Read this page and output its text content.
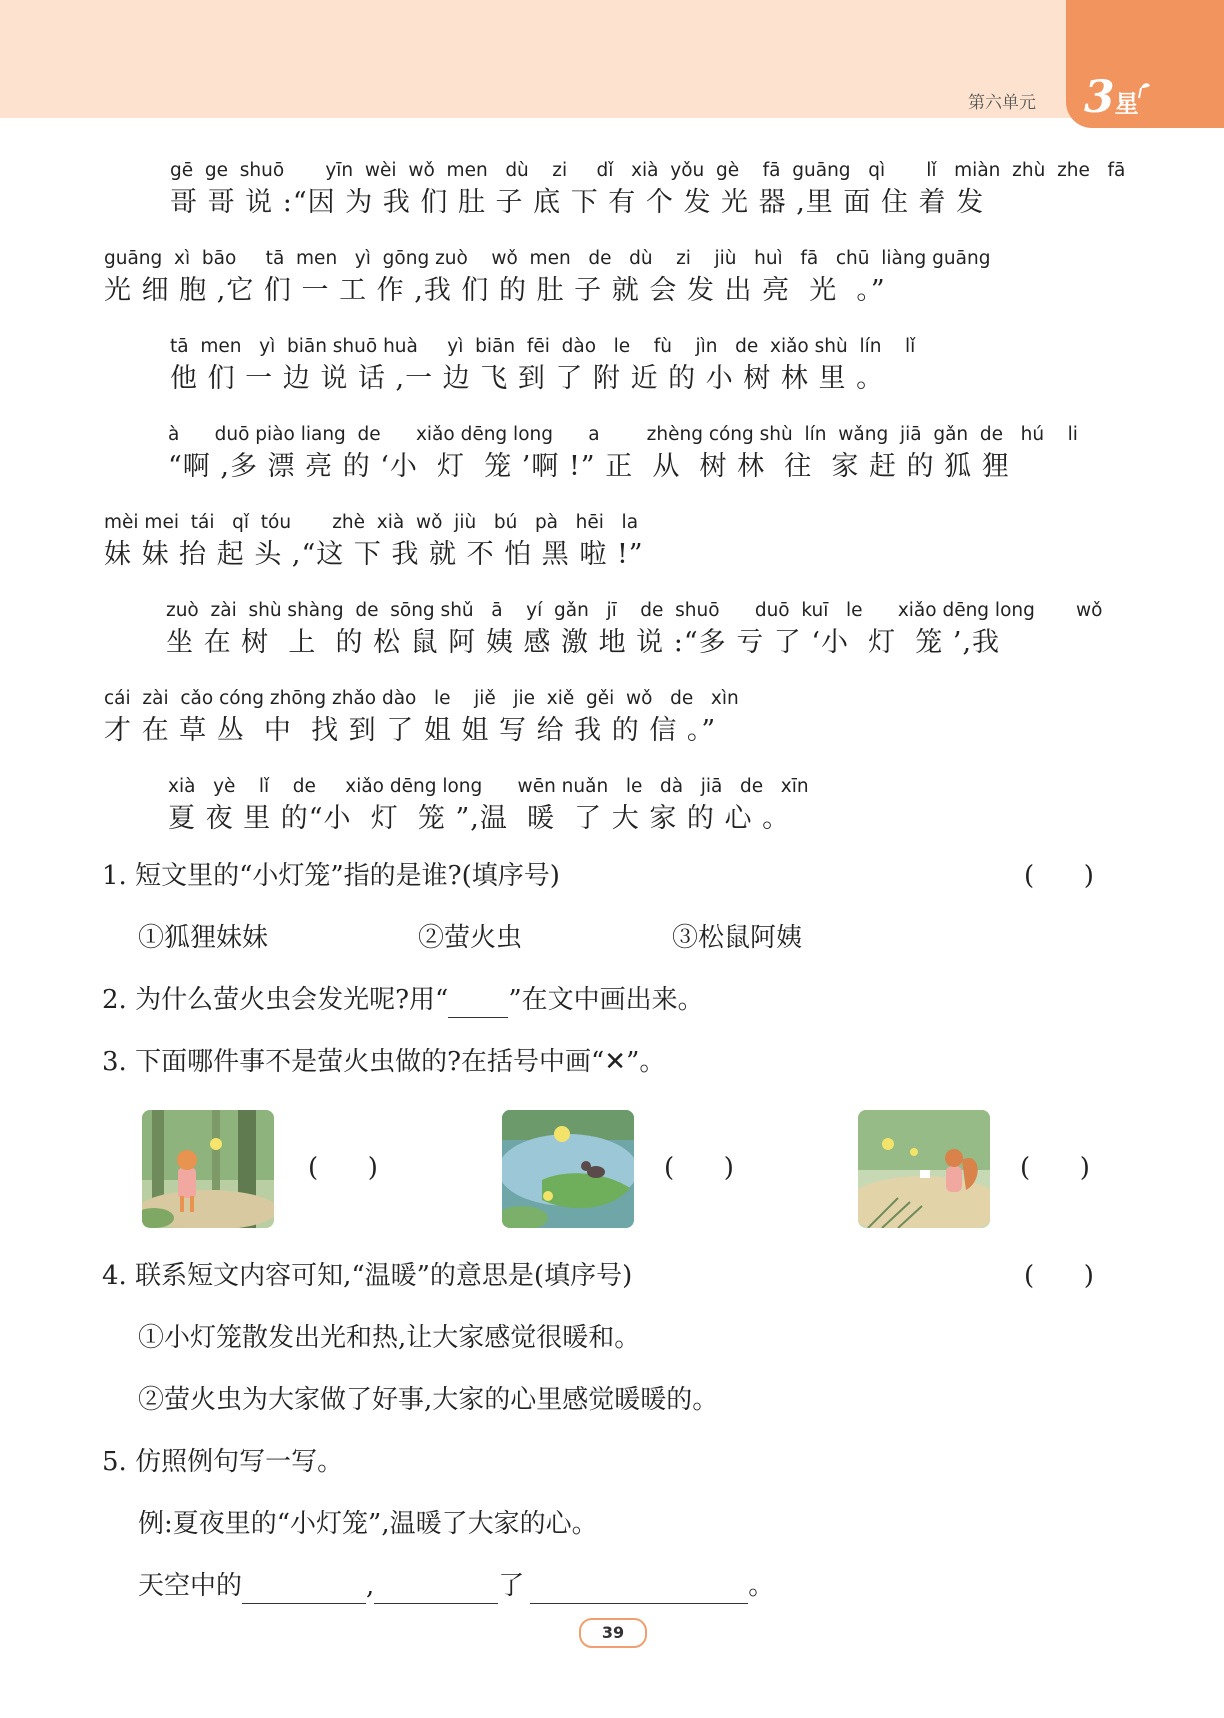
第六单元 3星
gē  ge  shuō       yīn  wèi  wǒ  men   dù    zi     dǐ   xià  yǒu  gè    fā  guāng   qì       lǐ   miàn  zhù  zhe   fā
哥 哥 说 :“因 为 我 们 肚 子 底 下 有 个 发 光 器 ,里 面 住 着 发
guāng  xì  bāo     tā  men   yì  gōng zuò    wǒ  men   de   dù    zi    jiù   huì   fā   chū  liàng guāng
光 细 胞 ,它 们 一 工 作 ,我 们 的 肚 子 就 会 发 出 亮  光  。”
tā  men   yì  biān shuō huà     yì  biān  fēi  dào   le    fù    jìn   de  xiǎo shù  lín    lǐ
他 们 一 边 说 话 ,一 边 飞 到 了 附 近 的 小 树 林 里 。
à      duō piào liang  de      xiǎo dēng long      a        zhèng cóng shù  lín  wǎng  jiā  gǎn  de   hú    li
“啊 ,多 漂 亮 的 ‘小  灯  笼 ’啊 !” 正  从  树 林  往  家 赶 的 狐 狸
mèi mei  tái   qǐ  tóu       zhè  xià  wǒ  jiù   bú   pà   hēi   la
妹 妹 抬 起 头 ,“这 下 我 就 不 怕 黑 啦 !”
zuò  zài  shù shàng  de  sōng shǔ   ā    yí  gǎn   jī    de  shuō      duō  kuī   le      xiǎo dēng long       wǒ
坐 在 树  上  的 松 鼠 阿 姨 感 激 地 说 :“多 亏 了 ‘小  灯  笼 ’,我
cái  zài  cǎo cóng zhōng zhǎo dào   le    jiě   jie  xiě  gěi  wǒ   de   xìn
才 在 草 丛  中  找 到 了 姐 姐 写 给 我 的 信 。”
xià   yè    lǐ    de     xiǎo dēng long      wēn nuǎn   le   dà   jiā   de   xīn
夏 夜 里 的“小  灯  笼 ”,温  暖  了 大 家 的 心 。
1. 短文里的“小灯笼”指的是谁?(填序号)	(      )
①狐狸妹妹	②萤火虫	③松鼠阿姨
2. 为什么萤火虫会发光呢?用“ ”在文中画出来。
3. 下面哪件事不是萤火虫做的?在括号中画“✕”。
(      )	(      )	(      )
4. 联系短文内容可知,“温暖”的意思是(填序号)	(      )
①小灯笼散发出光和热,让大家感觉很暖和。
②萤火虫为大家做了好事,大家的心里感觉暖暖的。
5. 仿照例句写一写。
例:夏夜里的“小灯笼”,温暖了大家的心。
天空中的	,	了	。
39
